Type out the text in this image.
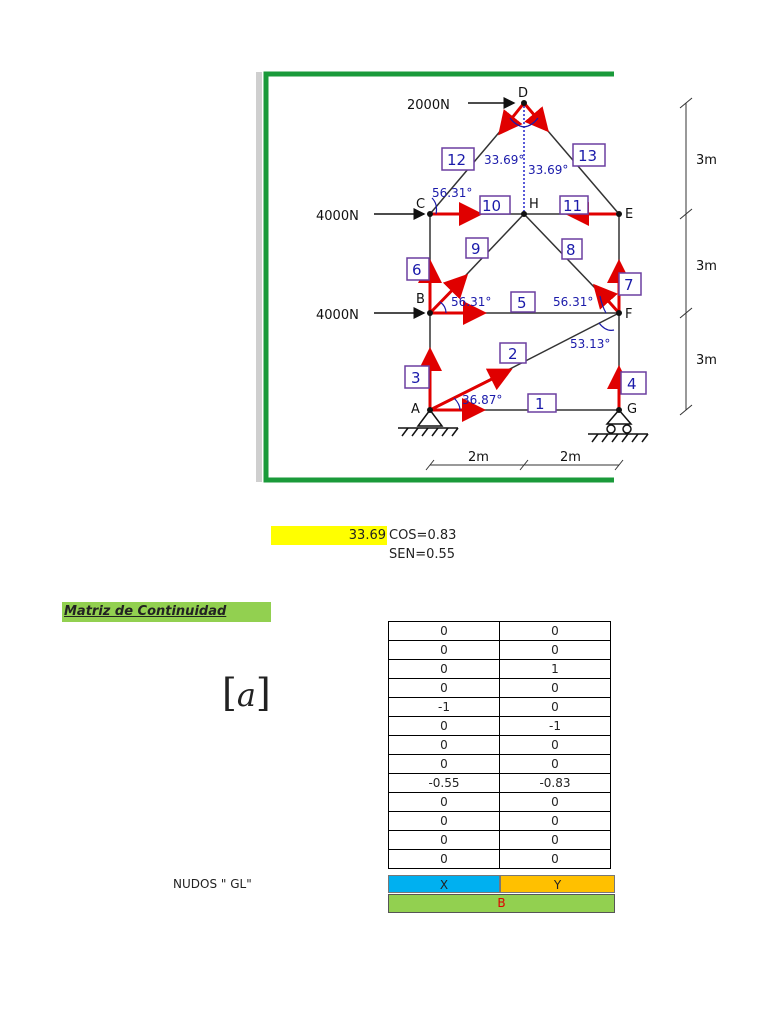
2000N
4000N
4000N
A
B
C
D
E
F
G
H
1
2
3	4
5
6
7
8
9
10	11
12	13
33.69°
33.69°
56.31°
56.31°	56.31°
53.13°
36.87°
3m
3m
3m
2m	2m
33.69 COS=0.83
SEN=0.55
Matriz de Continuidad
[a]
0	0
0	0
0	1
0	0
-1	0
0	-1
0	0
0	0
-0.55	-0.83
0	0
0	0
0	0
0	0
NUDOS " GL"	X	Y
B
